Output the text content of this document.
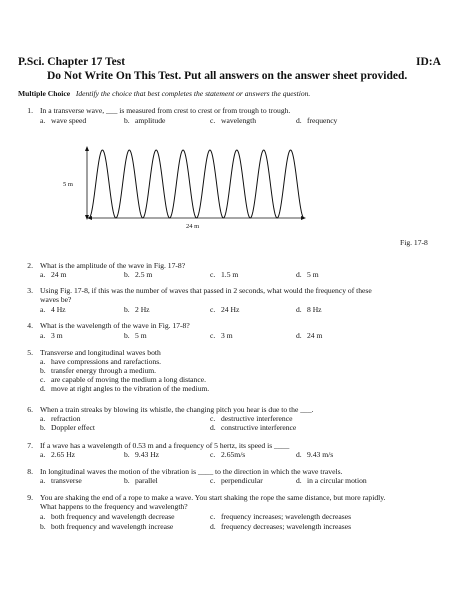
P.Sci. Chapter 17 Test	ID:A
Do Not Write On This Test. Put all answers on the answer sheet provided.
Multiple Choice Identify the choice that best completes the statement or answers the question.
1. In a transverse wave, ___ is measured from crest to crest or from trough to trough.
a. wave speed	b. amplitude	c. wavelength	d. frequency
5 m
24 m
Fig. 17-8
2. What is the amplitude of the wave in Fig. 17-8?
a. 24 m	b. 2.5 m	c. 1.5 m	d. 5 m
3. Using Fig. 17-8, if this was the number of waves that passed in 2 seconds, what would the frequency of these
waves be?
a. 4 Hz	b. 2 Hz	c. 24 Hz	d. 8 Hz
4. What is the wavelength of the wave in Fig. 17-8?
a. 3 m	b. 5 m	c. 3 m	d. 24 m
5. Transverse and longitudinal waves both
a. have compressions and rarefactions.
b. transfer energy through a medium.
c. are capable of moving the medium a long distance.
d. move at right angles to the vibration of the medium.
6. When a train streaks by blowing its whistle, the changing pitch you hear is due to the ___.
a. refraction	c. destructive interference
b. Doppler effect	d. constructive interference
7. If a wave has a wavelength of 0.53 m and a frequency of 5 hertz, its speed is ____
a. 2.65 Hz	b. 9.43 Hz	c. 2.65m/s	d. 9.43 m/s
8. In longitudinal waves the motion of the vibration is ____ to the direction in which the wave travels.
a. transverse	b. parallel	c. perpendicular	d. in a circular motion
9. You are shaking the end of a rope to make a wave. You start shaking the rope the same distance, but more rapidly.
What happens to the frequency and wavelength?
a. both frequency and wavelength decrease	c. frequency increases; wavelength decreases
b. both frequency and wavelength increase	d. frequency decreases; wavelength increases
